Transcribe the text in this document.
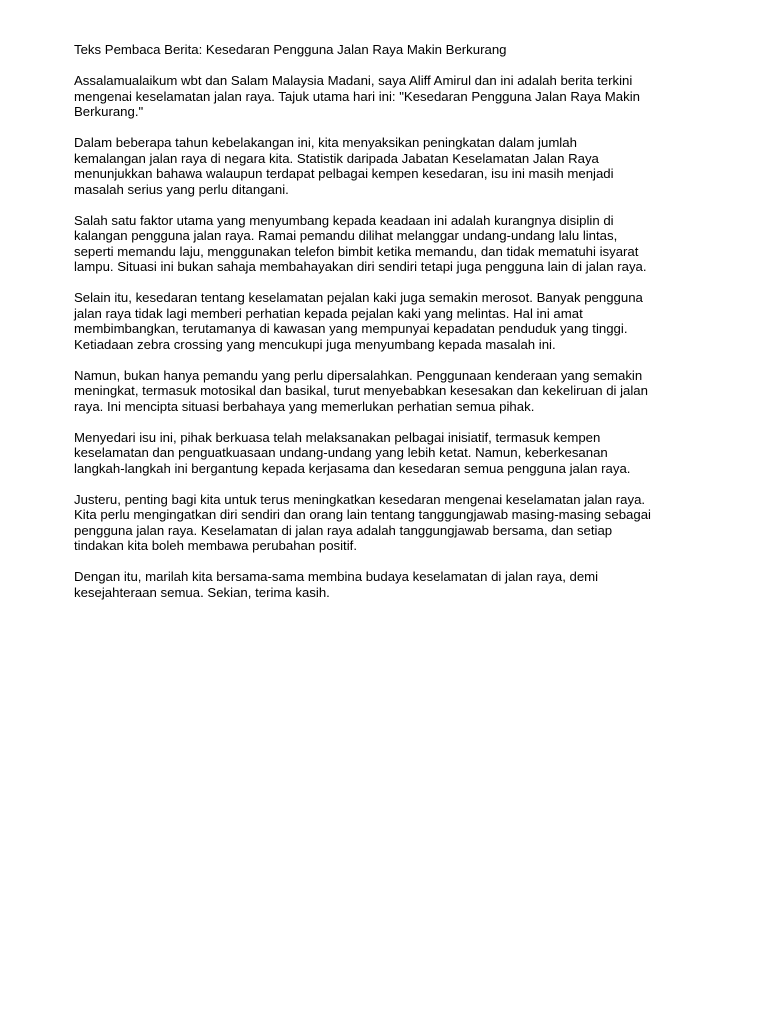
Teks Pembaca Berita: Kesedaran Pengguna Jalan Raya Makin Berkurang

Assalamualaikum wbt dan Salam Malaysia Madani, saya Aliff Amirul dan ini adalah berita terkini
mengenai keselamatan jalan raya. Tajuk utama hari ini: "Kesedaran Pengguna Jalan Raya Makin
Berkurang."

Dalam beberapa tahun kebelakangan ini, kita menyaksikan peningkatan dalam jumlah
kemalangan jalan raya di negara kita. Statistik daripada Jabatan Keselamatan Jalan Raya
menunjukkan bahawa walaupun terdapat pelbagai kempen kesedaran, isu ini masih menjadi
masalah serius yang perlu ditangani.

Salah satu faktor utama yang menyumbang kepada keadaan ini adalah kurangnya disiplin di
kalangan pengguna jalan raya. Ramai pemandu dilihat melanggar undang-undang lalu lintas,
seperti memandu laju, menggunakan telefon bimbit ketika memandu, dan tidak mematuhi isyarat
lampu. Situasi ini bukan sahaja membahayakan diri sendiri tetapi juga pengguna lain di jalan raya.

Selain itu, kesedaran tentang keselamatan pejalan kaki juga semakin merosot. Banyak pengguna
jalan raya tidak lagi memberi perhatian kepada pejalan kaki yang melintas. Hal ini amat
membimbangkan, terutamanya di kawasan yang mempunyai kepadatan penduduk yang tinggi.
Ketiadaan zebra crossing yang mencukupi juga menyumbang kepada masalah ini.

Namun, bukan hanya pemandu yang perlu dipersalahkan. Penggunaan kenderaan yang semakin
meningkat, termasuk motosikal dan basikal, turut menyebabkan kesesakan dan kekeliruan di jalan
raya. Ini mencipta situasi berbahaya yang memerlukan perhatian semua pihak.

Menyedari isu ini, pihak berkuasa telah melaksanakan pelbagai inisiatif, termasuk kempen
keselamatan dan penguatkuasaan undang-undang yang lebih ketat. Namun, keberkesanan
langkah-langkah ini bergantung kepada kerjasama dan kesedaran semua pengguna jalan raya.

Justeru, penting bagi kita untuk terus meningkatkan kesedaran mengenai keselamatan jalan raya.
Kita perlu mengingatkan diri sendiri dan orang lain tentang tanggungjawab masing-masing sebagai
pengguna jalan raya. Keselamatan di jalan raya adalah tanggungjawab bersama, dan setiap
tindakan kita boleh membawa perubahan positif.

Dengan itu, marilah kita bersama-sama membina budaya keselamatan di jalan raya, demi
kesejahteraan semua. Sekian, terima kasih.
